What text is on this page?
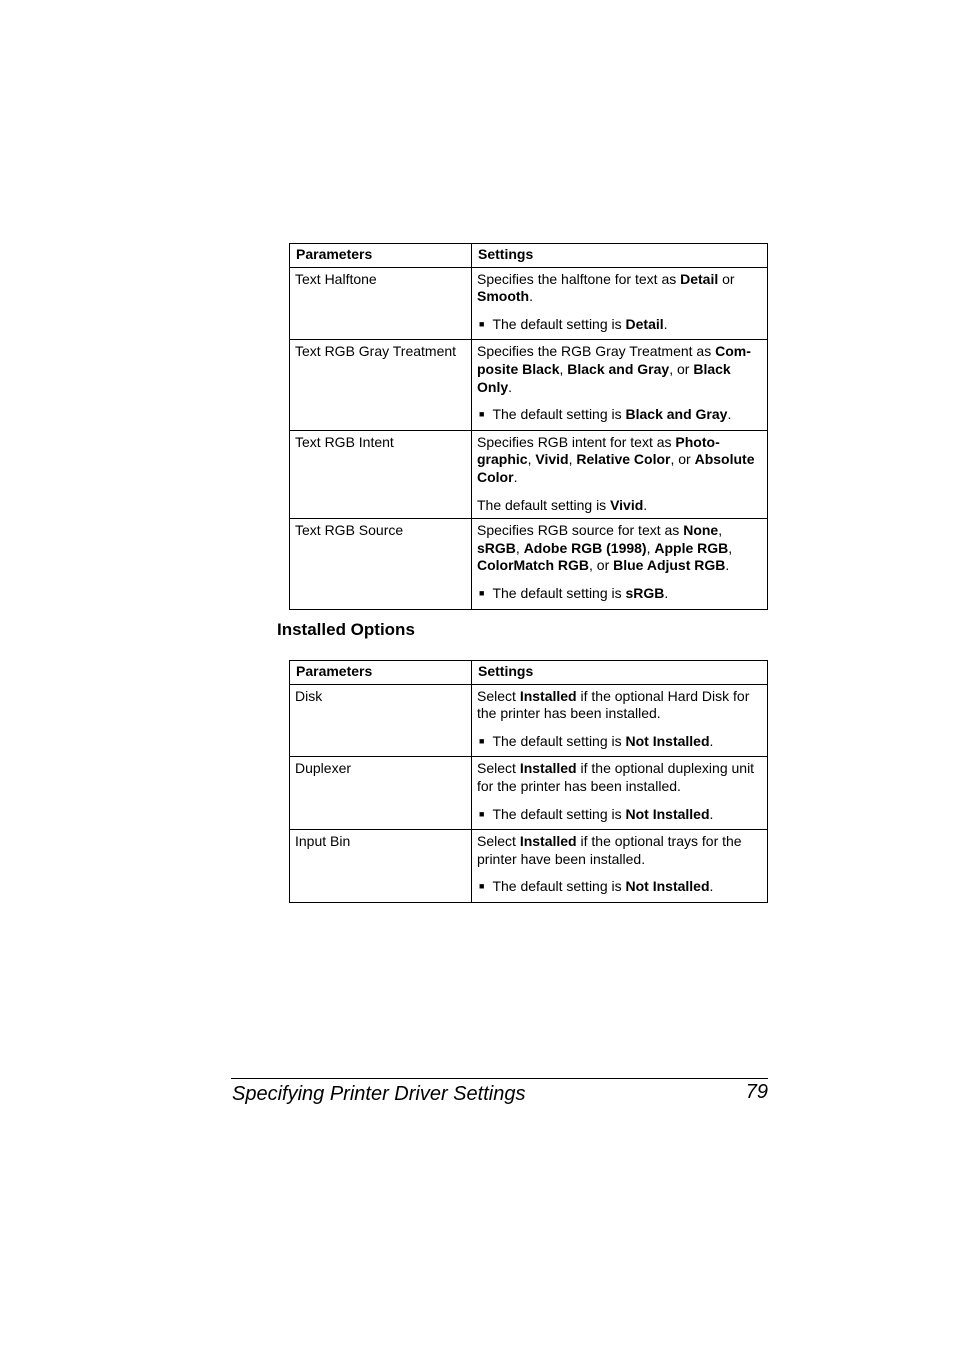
Parameters	Settings
Text Halftone	Specifies the halftone for text as Detail or Smooth.

■ The default setting is Detail.

Text RGB Gray Treatment	Specifies the RGB Gray Treatment as Com-posite Black, Black and Gray, or Black Only.

■ The default setting is Black and Gray.

Text RGB Intent	Specifies RGB intent for text as Photo-graphic, Vivid, Relative Color, or Absolute Color.

The default setting is Vivid.

Text RGB Source	Specifies RGB source for text as None, sRGB, Adobe RGB (1998), Apple RGB, ColorMatch RGB, or Blue Adjust RGB.

■ The default setting is sRGB.

Installed Options
Parameters	Settings
Disk	Select Installed if the optional Hard Disk for the printer has been installed.

■ The default setting is Not Installed.

Duplexer	Select Installed if the optional duplexing unit for the printer has been installed.

■ The default setting is Not Installed.

Input Bin	Select Installed if the optional trays for the printer have been installed.

■ The default setting is Not Installed.

Specifying Printer Driver Settings	79
